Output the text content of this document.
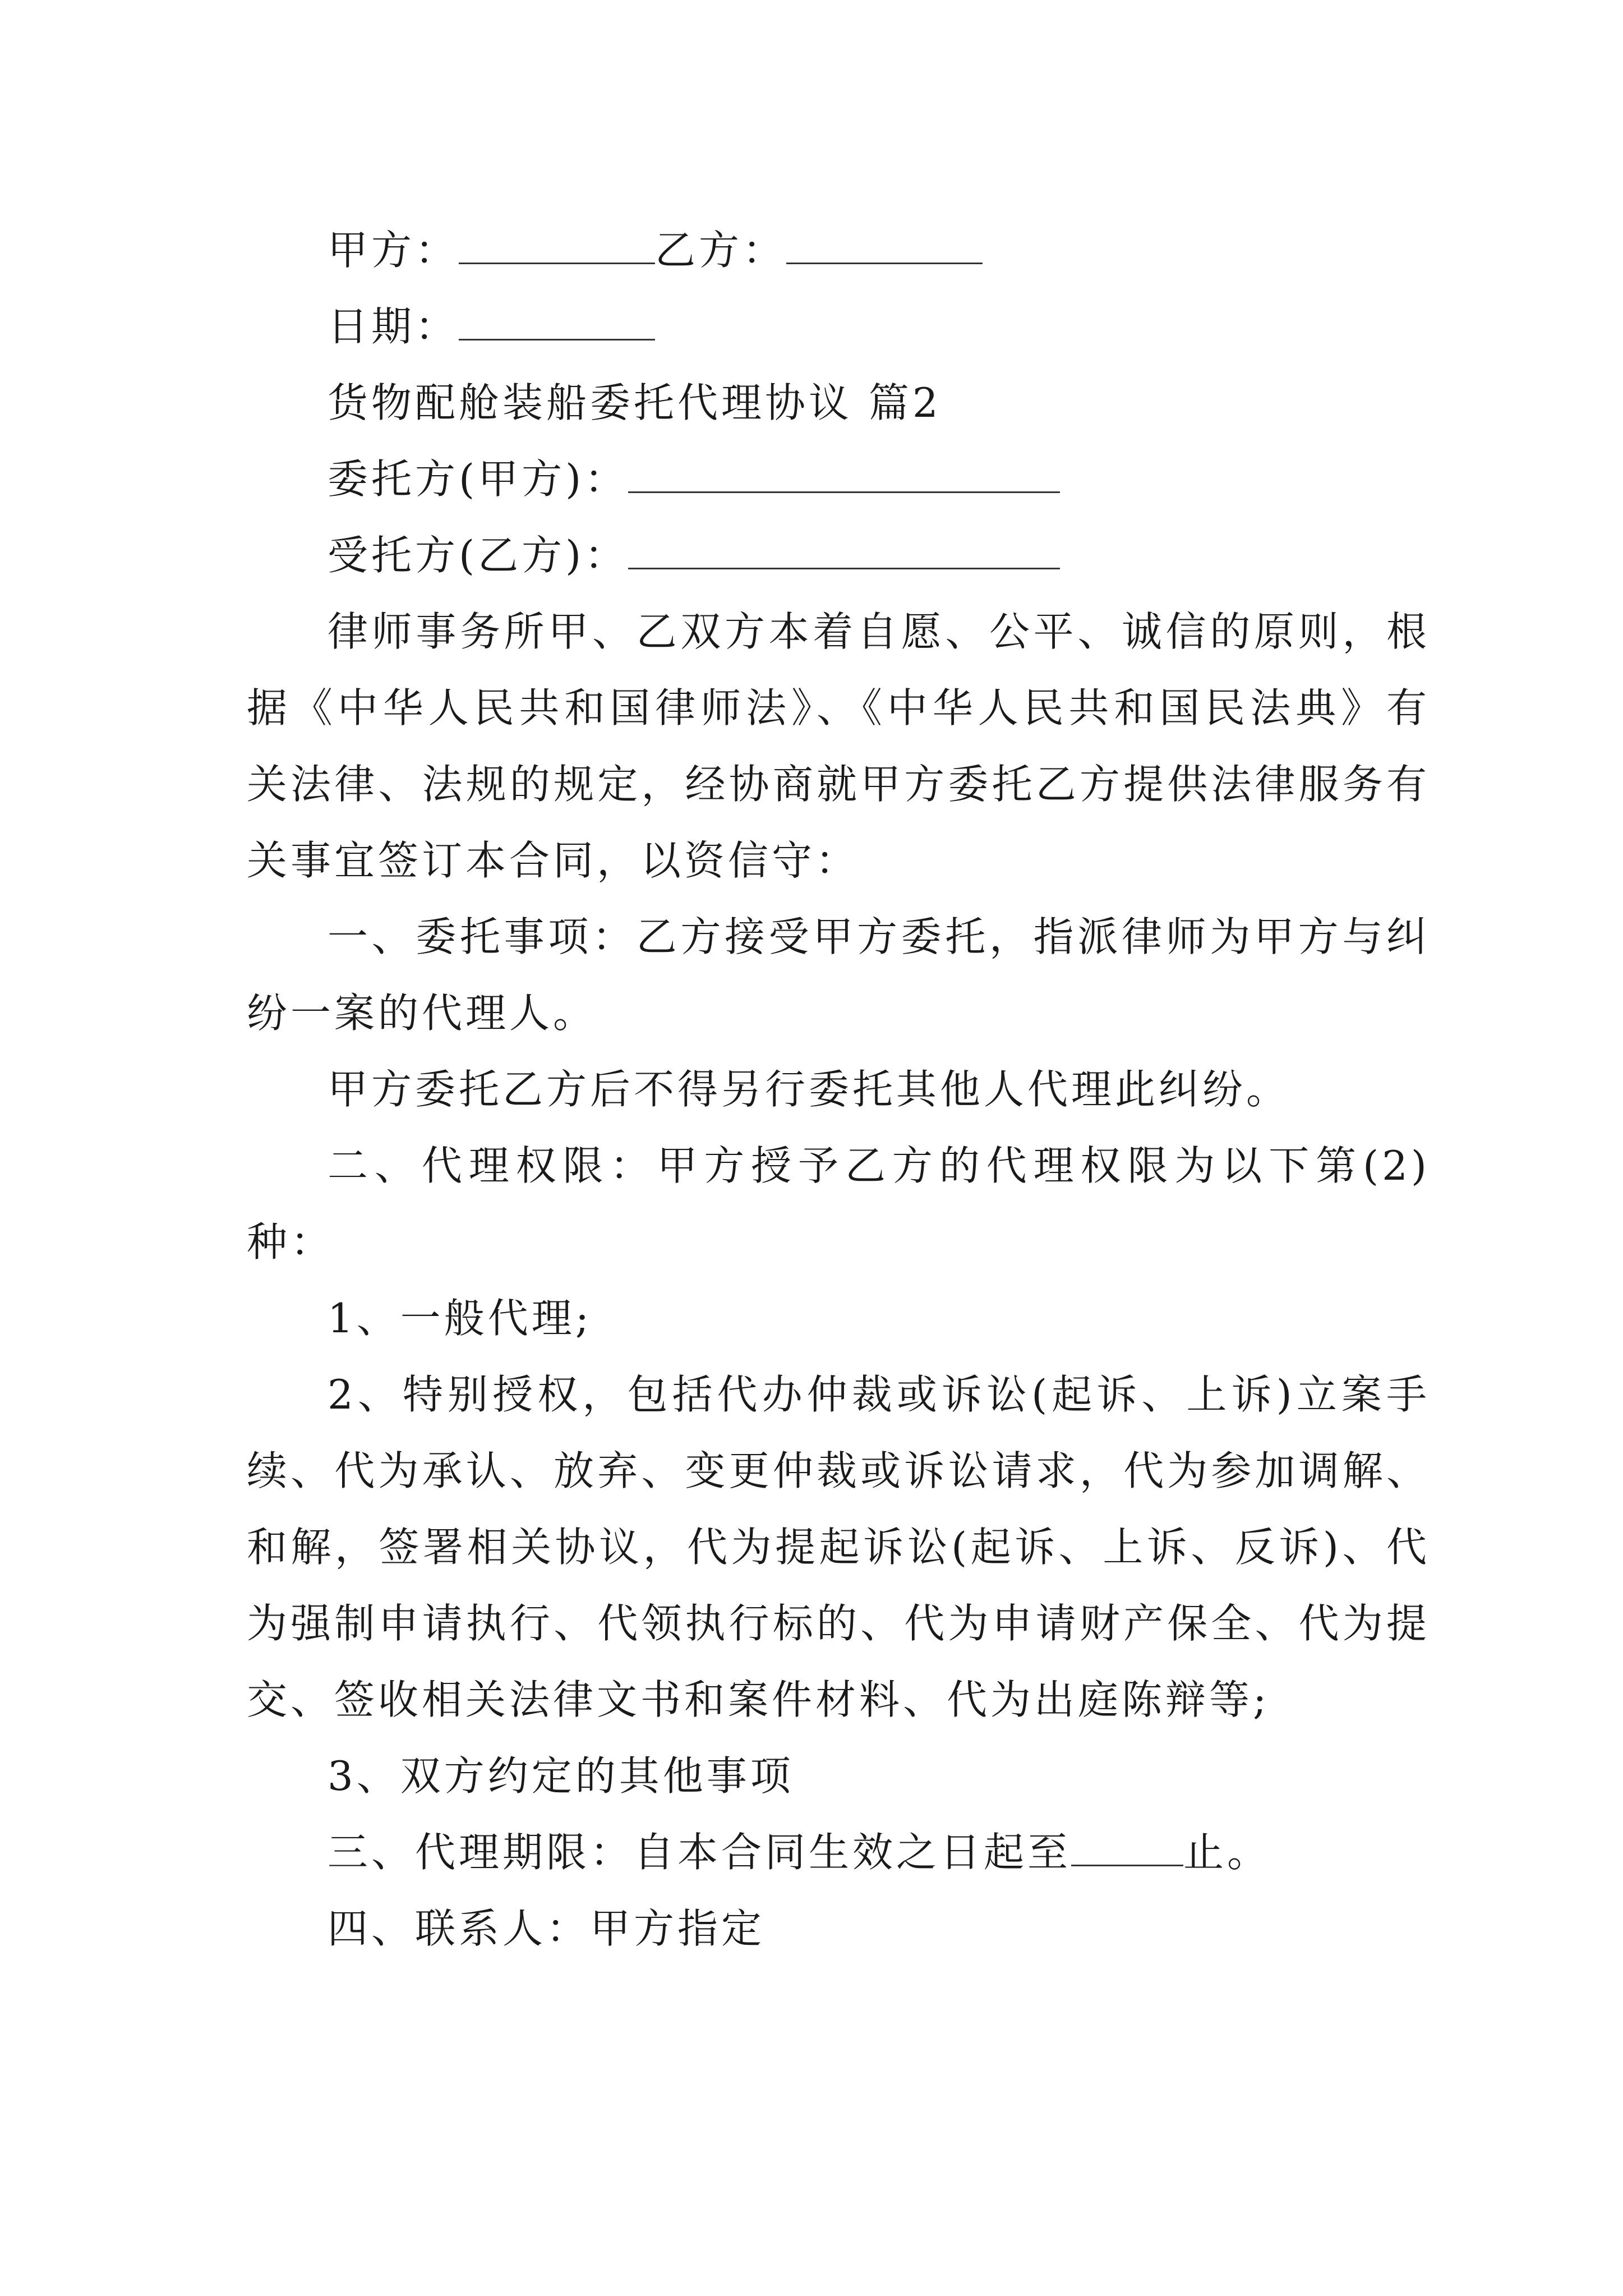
甲方：	乙方：

日期：

货物配舱装船委托代理协议 篇2

委托方(甲方)：

受托方(乙方)：

律师事务所甲、乙双方本着自愿、公平、诚信的原则，根据《中华人民共和国律师法》、《中华人民共和国民法典》有关法律、法规的规定，经协商就甲方委托乙方提供法律服务有关事宜签订本合同，以资信守：

一、委托事项：乙方接受甲方委托，指派律师为甲方与纠纷一案的代理人。

甲方委托乙方后不得另行委托其他人代理此纠纷。

二、代理权限：甲方授予乙方的代理权限为以下第(2)种：

1、一般代理;

2、特别授权，包括代办仲裁或诉讼(起诉、上诉)立案手续、代为承认、放弃、变更仲裁或诉讼请求，代为参加调解、和解，签署相关协议，代为提起诉讼(起诉、上诉、反诉)、代为强制申请执行、代领执行标的、代为申请财产保全、代为提交、签收相关法律文书和案件材料、代为出庭陈辩等;

3、双方约定的其他事项

三、代理期限：自本合同生效之日起至	止。

四、联系人：甲方指定
